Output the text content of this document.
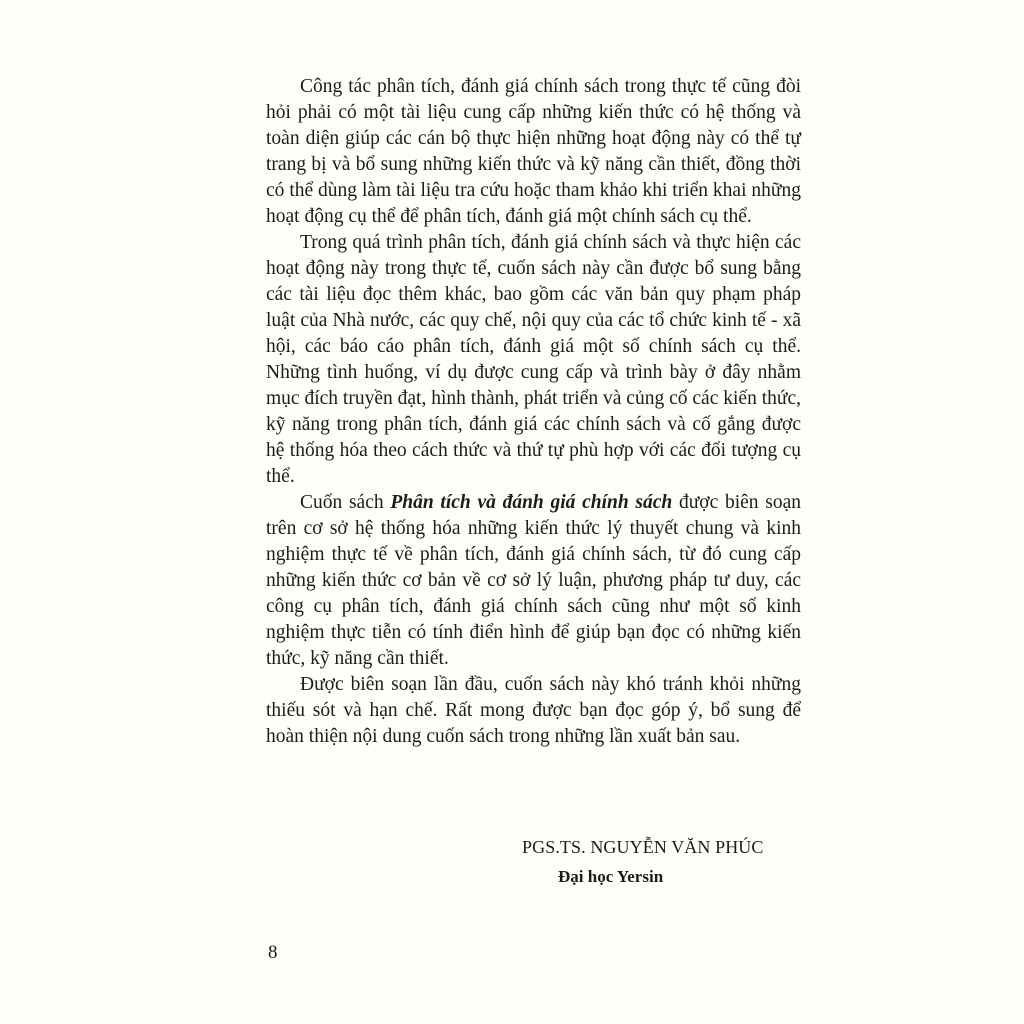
Công tác phân tích, đánh giá chính sách trong thực tế cũng đòi hỏi phải có một tài liệu cung cấp những kiến thức có hệ thống và toàn diện giúp các cán bộ thực hiện những hoạt động này có thể tự trang bị và bổ sung những kiến thức và kỹ năng cần thiết, đồng thời có thể dùng làm tài liệu tra cứu hoặc tham khảo khi triển khai những hoạt động cụ thể để phân tích, đánh giá một chính sách cụ thể.

Trong quá trình phân tích, đánh giá chính sách và thực hiện các hoạt động này trong thực tế, cuốn sách này cần được bổ sung bằng các tài liệu đọc thêm khác, bao gồm các văn bản quy phạm pháp luật của Nhà nước, các quy chế, nội quy của các tổ chức kinh tế - xã hội, các báo cáo phân tích, đánh giá một số chính sách cụ thể. Những tình huống, ví dụ được cung cấp và trình bày ở đây nhằm mục đích truyền đạt, hình thành, phát triển và củng cố các kiến thức, kỹ năng trong phân tích, đánh giá các chính sách và cố gắng được hệ thống hóa theo cách thức và thứ tự phù hợp với các đối tượng cụ thể.

Cuốn sách Phân tích và đánh giá chính sách được biên soạn trên cơ sở hệ thống hóa những kiến thức lý thuyết chung và kinh nghiệm thực tế về phân tích, đánh giá chính sách, từ đó cung cấp những kiến thức cơ bản về cơ sở lý luận, phương pháp tư duy, các công cụ phân tích, đánh giá chính sách cũng như một số kinh nghiệm thực tiễn có tính điển hình để giúp bạn đọc có những kiến thức, kỹ năng cần thiết.

Được biên soạn lần đầu, cuốn sách này khó tránh khỏi những thiếu sót và hạn chế. Rất mong được bạn đọc góp ý, bổ sung để hoàn thiện nội dung cuốn sách trong những lần xuất bản sau.

PGS.TS. NGUYỄN VĂN PHÚC
Đại học Yersin
8
